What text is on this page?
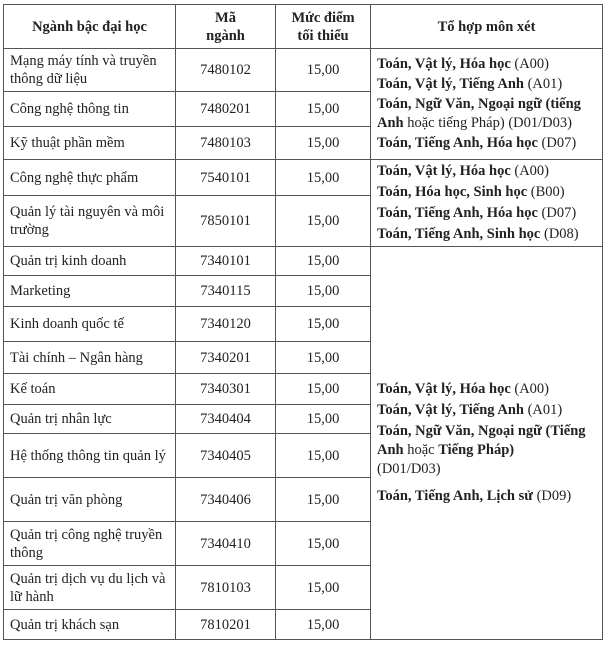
Ngành bậc đại học	Mã ngành	Mức điểm tối thiểu	Tổ hợp môn xét
Mạng máy tính và truyền thông dữ liệu	7480102	15,00	Toán, Vật lý, Hóa học (A00)
Toán, Vật lý, Tiếng Anh (A01)
Toán, Ngữ Văn, Ngoại ngữ (tiếng Anh hoặc tiếng Pháp) (D01/D03)
Toán, Tiếng Anh, Hóa học (D07)

Công nghệ thông tin	7480201	15,00	
Kỹ thuật phần mềm	7480103	15,00	
Công nghệ thực phẩm	7540101	15,00	Toán, Vật lý, Hóa học (A00)
Toán, Hóa học, Sinh học (B00)
Toán, Tiếng Anh, Hóa học (D07)
Toán, Tiếng Anh, Sinh học (D08)

Quản lý tài nguyên và môi trường	7850101	15,00	
Quản trị kinh doanh	7340101	15,00	Toán, Vật lý, Hóa học (A00)
Toán, Vật lý, Tiếng Anh (A01)
Toán, Ngữ Văn, Ngoại ngữ (Tiếng Anh hoặc Tiếng Pháp)
(D01/D03)
Toán, Tiếng Anh, Lịch sử (D09)

Marketing	7340115	15,00	
Kinh doanh quốc tế	7340120	15,00	
Tài chính – Ngân hàng	7340201	15,00	
Kế toán	7340301	15,00	
Quản trị nhân lực	7340404	15,00	
Hệ thống thông tin quản lý	7340405	15,00	
Quản trị văn phòng	7340406	15,00	
Quản trị công nghệ truyền thông	7340410	15,00	
Quản trị dịch vụ du lịch và lữ hành	7810103	15,00	
Quản trị khách sạn	7810201	15,00	
